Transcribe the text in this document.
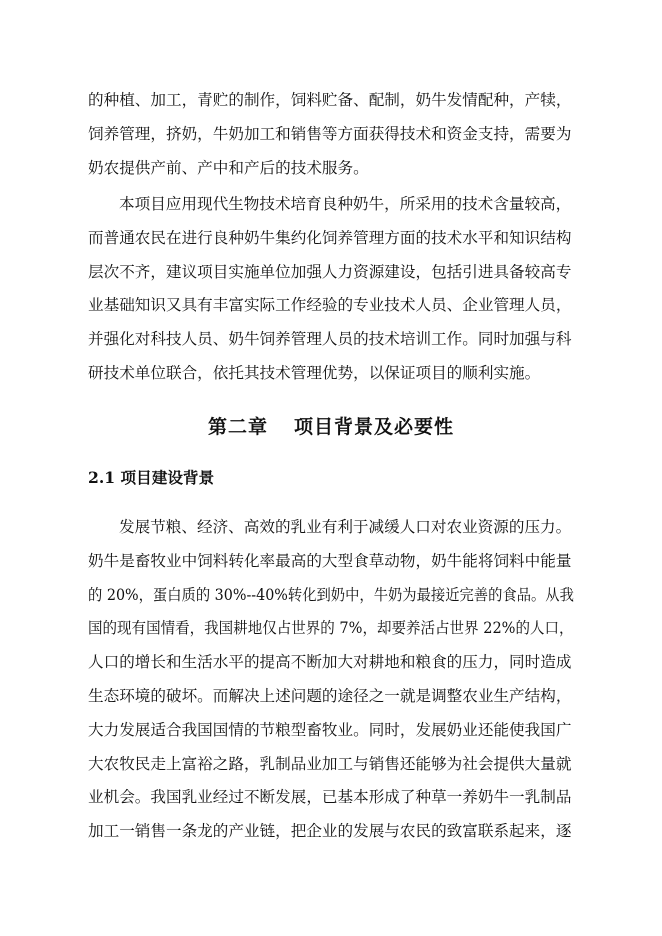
的种植、加工，青贮的制作，饲料贮备、配制，奶牛发情配种，产犊，
饲养管理，挤奶，牛奶加工和销售等方面获得技术和资金支持，需要为
奶农提供产前、产中和产后的技术服务。
本项目应用现代生物技术培育良种奶牛，所采用的技术含量较高，
而普通农民在进行良种奶牛集约化饲养管理方面的技术水平和知识结构
层次不齐，建议项目实施单位加强人力资源建设，包括引进具备较高专
业基础知识又具有丰富实际工作经验的专业技术人员、企业管理人员，
并强化对科技人员、奶牛饲养管理人员的技术培训工作。同时加强与科
研技术单位联合，依托其技术管理优势，以保证项目的顺利实施。
第二章 项目背景及必要性
2.1 项目建设背景
发展节粮、经济、高效的乳业有利于减缓人口对农业资源的压力。
奶牛是畜牧业中饲料转化率最高的大型食草动物，奶牛能将饲料中能量
的 20%，蛋白质的 30%--40%转化到奶中，牛奶为最接近完善的食品。从我
国的现有国情看，我国耕地仅占世界的 7%，却要养活占世界 22%的人口，
人口的增长和生活水平的提高不断加大对耕地和粮食的压力，同时造成
生态环境的破坏。而解决上述问题的途径之一就是调整农业生产结构，
大力发展适合我国国情的节粮型畜牧业。同时，发展奶业还能使我国广
大农牧民走上富裕之路，乳制品业加工与销售还能够为社会提供大量就
业机会。我国乳业经过不断发展，已基本形成了种草一养奶牛一乳制品
加工一销售一条龙的产业链，把企业的发展与农民的致富联系起来，逐
